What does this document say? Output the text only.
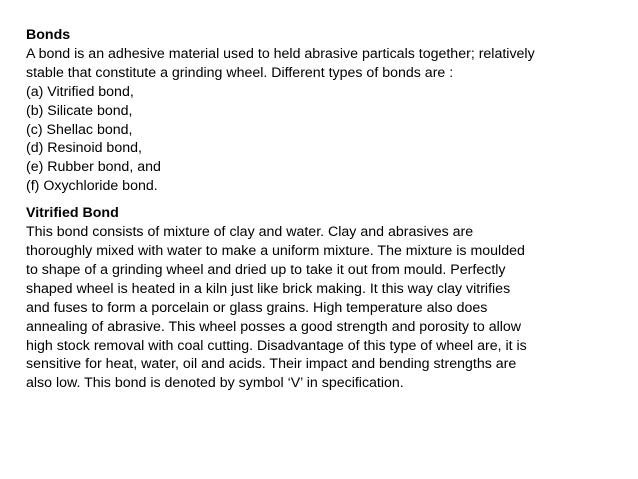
Bonds
A bond is an adhesive material used to held abrasive particals together; relatively
stable that constitute a grinding wheel. Different types of bonds are :
(a) Vitrified bond,
(b) Silicate bond,
(c) Shellac bond,
(d) Resinoid bond,
(e) Rubber bond, and
(f) Oxychloride bond.
Vitrified Bond
This bond consists of mixture of clay and water. Clay and abrasives are
thoroughly mixed with water to make a uniform mixture. The mixture is moulded
to shape of a grinding wheel and dried up to take it out from mould. Perfectly
shaped wheel is heated in a kiln just like brick making. It this way clay vitrifies
and fuses to form a porcelain or glass grains. High temperature also does
annealing of abrasive. This wheel posses a good strength and porosity to allow
high stock removal with coal cutting. Disadvantage of this type of wheel are, it is
sensitive for heat, water, oil and acids. Their impact and bending strengths are
also low. This bond is denoted by symbol ‘V’ in specification.
